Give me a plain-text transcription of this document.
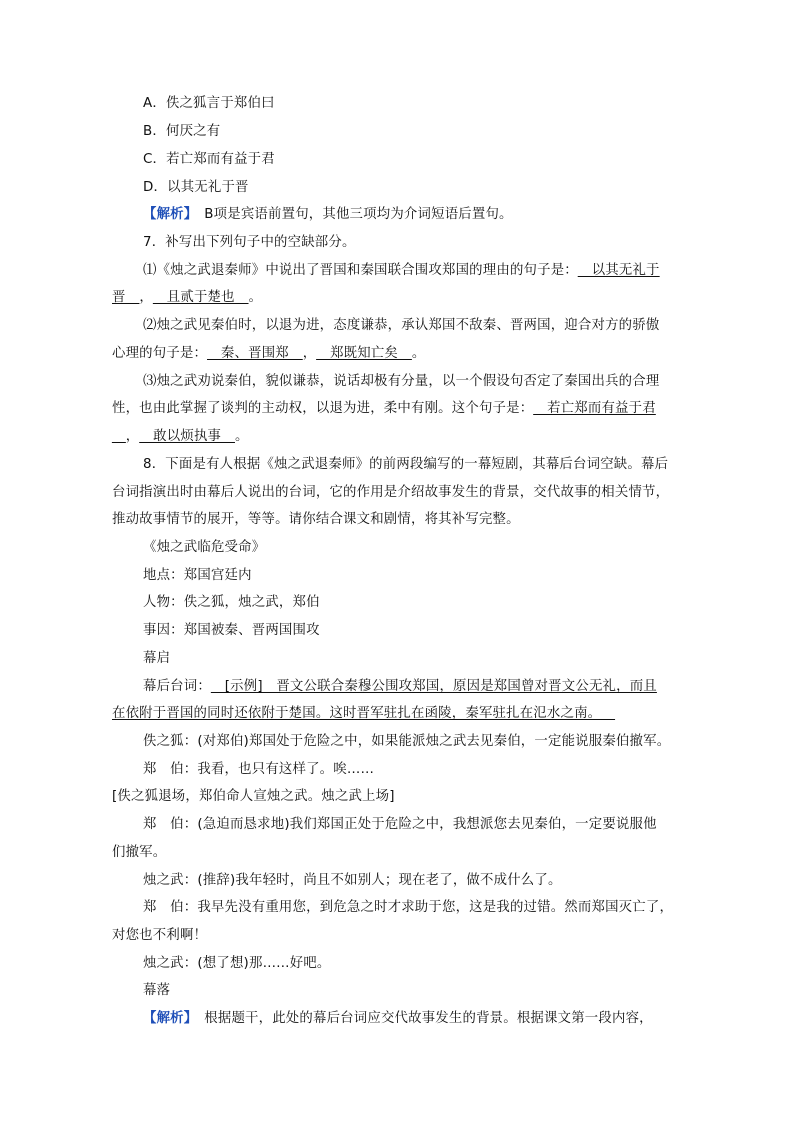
A．佚之狐言于郑伯曰
B．何厌之有
C．若亡郑而有益于君
D．以其无礼于晋
【解析】　B项是宾语前置句，其他三项均为介词短语后置句。
7．补写出下列句子中的空缺部分。
⑴《烛之武退秦师》中说出了晋国和秦国联合围攻郑国的理由的句子是：__以其无礼于
晋__，__且贰于楚也__。
⑵烛之武见秦伯时，以退为进，态度谦恭，承认郑国不敌秦、晋两国，迎合对方的骄傲
心理的句子是：__秦、晋围郑__，__郑既知亡矣__。
⑶烛之武劝说秦伯，貌似谦恭，说话却极有分量，以一个假设句否定了秦国出兵的合理
性，也由此掌握了谈判的主动权，以退为进，柔中有刚。这个句子是：__若亡郑而有益于君
__，__敢以烦执事__。
8．下面是有人根据《烛之武退秦师》的前两段编写的一幕短剧，其幕后台词空缺。幕后
台词指演出时由幕后人说出的台词，它的作用是介绍故事发生的背景，交代故事的相关情节，
推动故事情节的展开，等等。请你结合课文和剧情，将其补写完整。
《烛之武临危受命》
地点：郑国宫廷内
人物：佚之狐，烛之武，郑伯
事因：郑国被秦、晋两国围攻
幕启
幕后台词：__[示例]　晋文公联合秦穆公围攻郑国，原因是郑国曾对晋文公无礼，而且
在依附于晋国的同时还依附于楚国。这时晋军驻扎在函陵，秦军驻扎在氾水之南。__
佚之狐：(对郑伯)郑国处于危险之中，如果能派烛之武去见秦伯，一定能说服秦伯撤军。
郑　伯：我看，也只有这样了。唉……
[佚之狐退场，郑伯命人宣烛之武。烛之武上场]
郑　伯：(急迫而恳求地)我们郑国正处于危险之中，我想派您去见秦伯，一定要说服他
们撤军。
烛之武：(推辞)我年轻时，尚且不如别人；现在老了，做不成什么了。
郑　伯：我早先没有重用您，到危急之时才求助于您，这是我的过错。然而郑国灭亡了，
对您也不利啊！
烛之武：(想了想)那……好吧。
幕落
【解析】　根据题干，此处的幕后台词应交代故事发生的背景。根据课文第一段内容，
